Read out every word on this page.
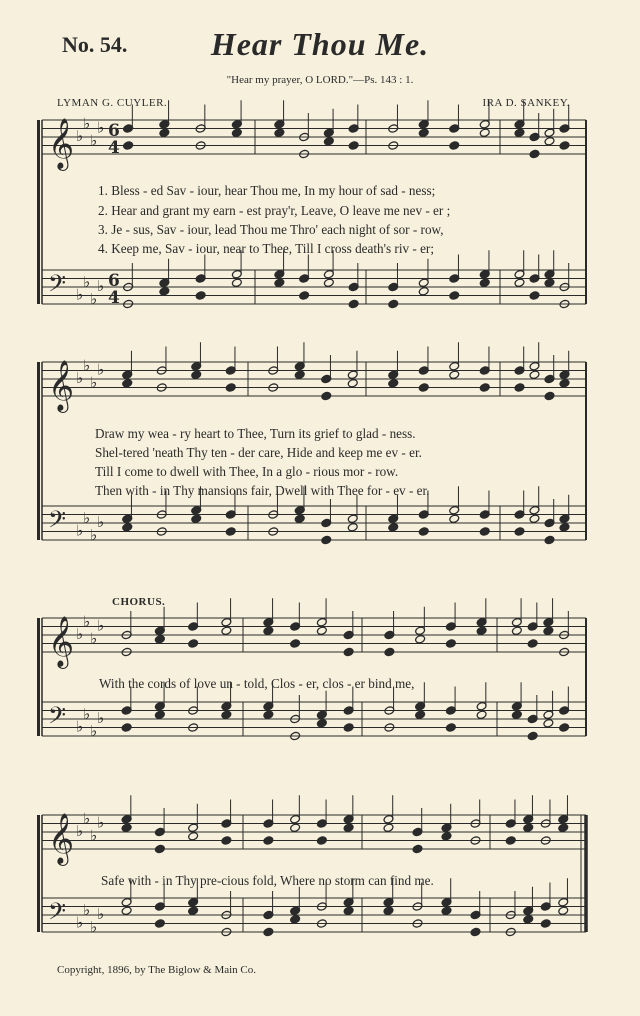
No. 54.	Hear Thou Me.
"Hear my prayer, O LORD."—Ps. 143 : 1.
LYMAN G. CUYLER.	IRA D. SANKEY.
𝄞
𝄢
♭
♭
♭
♭
♭
♭
♭
♭
𝄞
𝄢
♭
♭
♭
♭
♭
♭
♭
♭
𝄞
𝄢
♭
♭
♭
♭
♭
♭
♭
♭
𝄞
𝄢
♭
♭
♭
♭
♭
♭
♭
♭
6
4
6
4
1. Bless - ed Sav - iour, hear Thou me, In my hour of sad - ness;
2. Hear and grant my earn - est pray'r, Leave, O leave me nev - er ;
3. Je - sus, Sav - iour, lead Thou me Thro' each night of sor - row,
4. Keep me, Sav - iour, near to Thee, Till I cross death's riv - er;
Draw my wea - ry heart to Thee, Turn its grief to glad - ness.
Shel-tered 'neath Thy ten - der care, Hide and keep me ev - er.
Till I come to dwell with Thee, In a glo - rious mor - row.
Then with - in Thy mansions fair, Dwell with Thee for - ev - er.
CHORUS.
With the cords of love un - told, Clos - er, clos - er bind me,
Safe with - in Thy pre-cious fold, Where no storm can find me.
Copyright, 1896, by The Biglow & Main Co.
